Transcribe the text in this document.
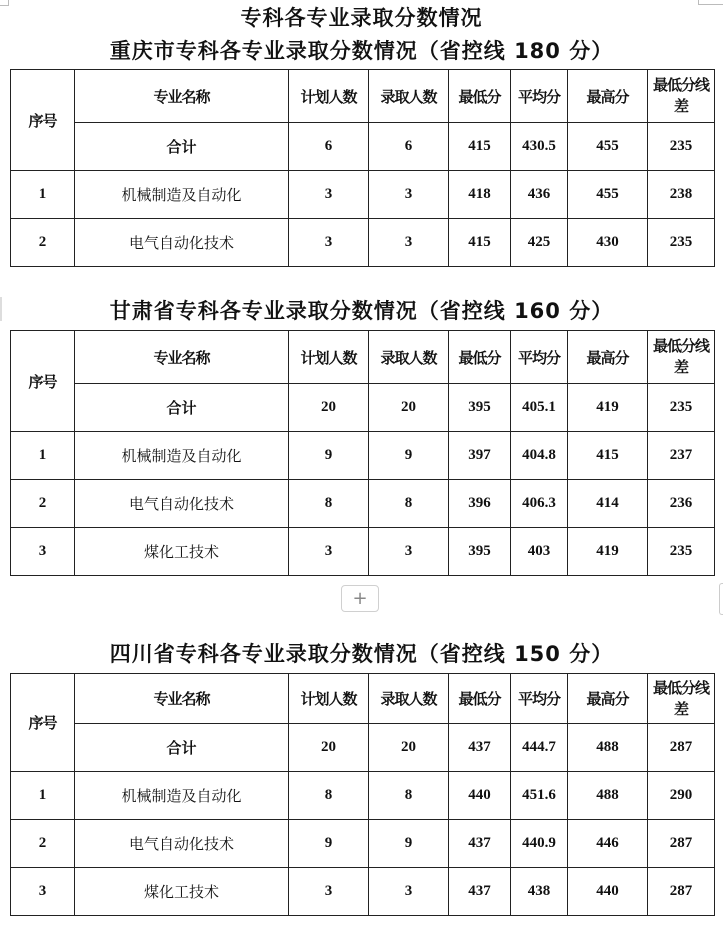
专科各专业录取分数情况
重庆市专科各专业录取分数情况（省控线 180 分）
序号	专业名称	计划人数	录取人数	最低分	平均分	最高分	最低分线差
	合计	6	6	415	430.5	455	235
1	机械制造及自动化	3	3	418	436	455	238
2	电气自动化技术	3	3	415	425	430	235
甘肃省专科各专业录取分数情况（省控线 160 分）
序号	专业名称	计划人数	录取人数	最低分	平均分	最高分	最低分线差
	合计	20	20	395	405.1	419	235
1	机械制造及自动化	9	9	397	404.8	415	237
2	电气自动化技术	8	8	396	406.3	414	236
3	煤化工技术	3	3	395	403	419	235
+
四川省专科各专业录取分数情况（省控线 150 分）
序号	专业名称	计划人数	录取人数	最低分	平均分	最高分	最低分线差
	合计	20	20	437	444.7	488	287
1	机械制造及自动化	8	8	440	451.6	488	290
2	电气自动化技术	9	9	437	440.9	446	287
3	煤化工技术	3	3	437	438	440	287
